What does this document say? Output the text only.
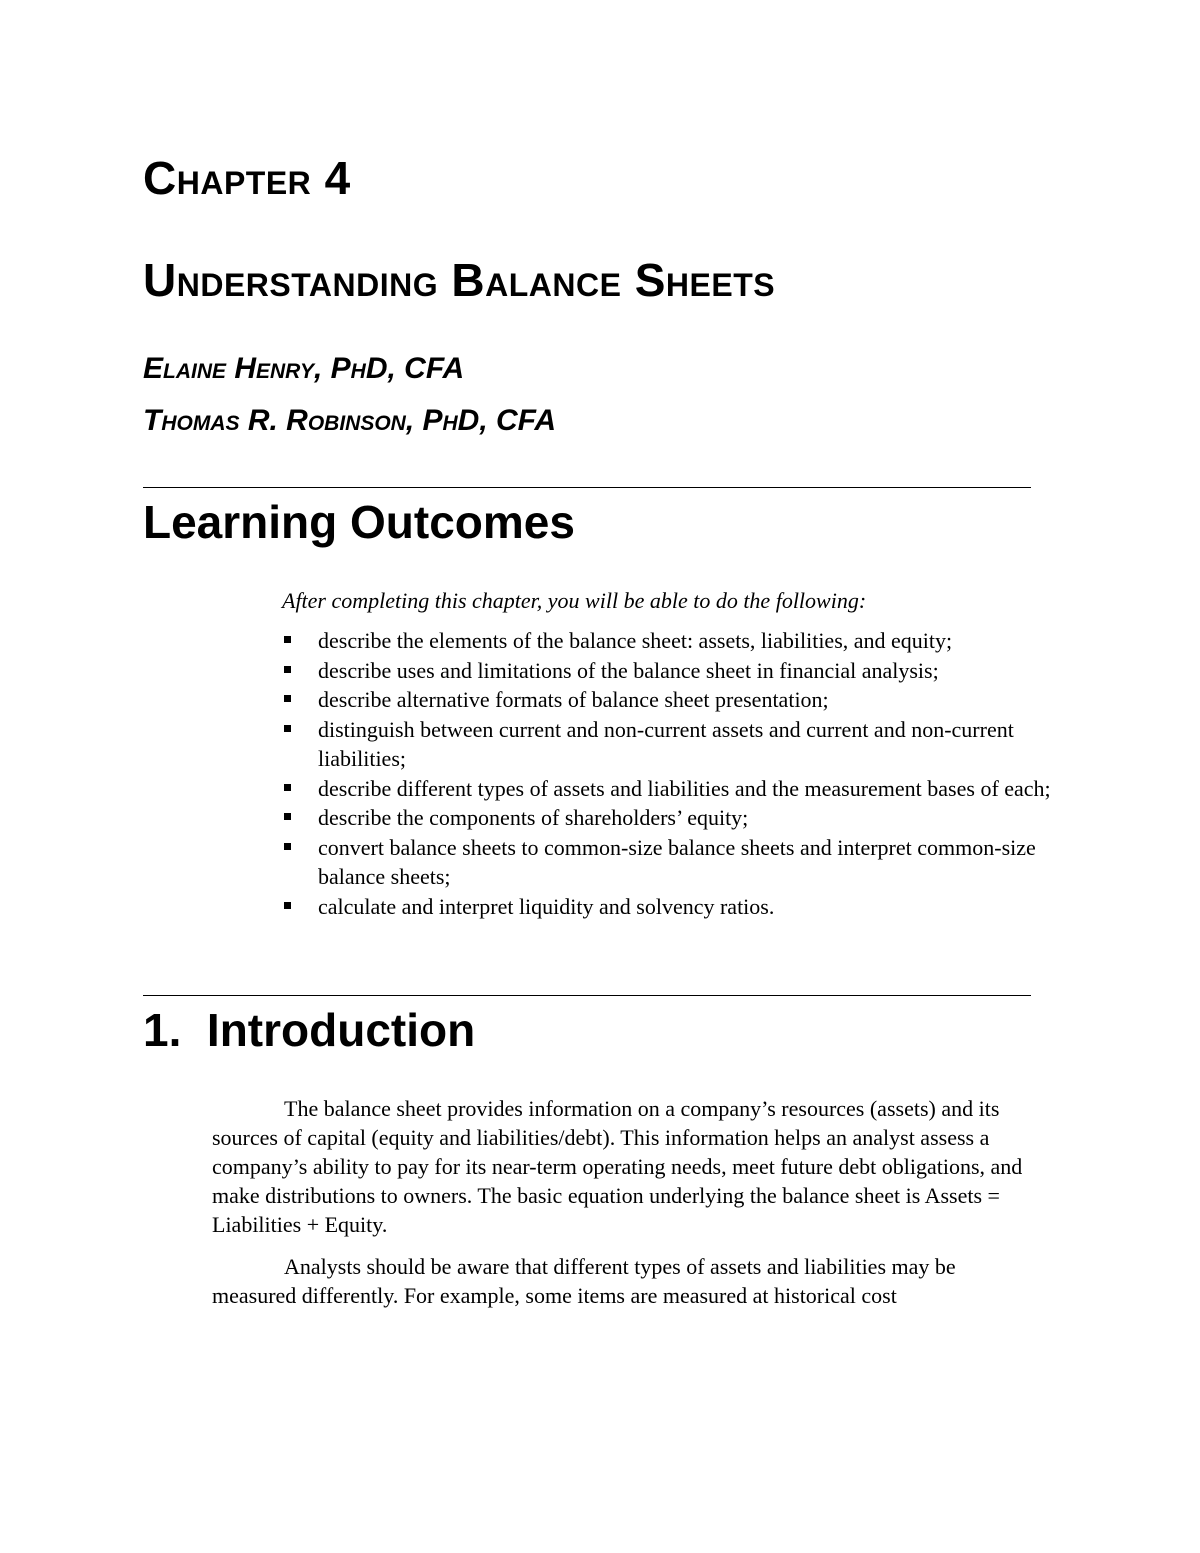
Chapter 4
Understanding Balance Sheets

Elaine Henry, PhD, CFA

Thomas R. Robinson, PhD, CFA

Learning Outcomes

After completing this chapter, you will be able to do the following:

describe the elements of the balance sheet: assets, liabilities, and equity;
describe uses and limitations of the balance sheet in financial analysis;
describe alternative formats of balance sheet presentation;
distinguish between current and non-current assets and current and non-current liabilities;
describe different types of assets and liabilities and the measurement bases of each;
describe the components of shareholders’ equity;
convert balance sheets to common-size balance sheets and interpret common-size balance sheets;
calculate and interpret liquidity and solvency ratios.
1.  Introduction

The balance sheet provides information on a company’s resources (assets) and its sources of capital (equity and liabilities/debt). This information helps an analyst assess a company’s ability to pay for its near-term operating needs, meet future debt obligations, and make distributions to owners. The basic equation underlying the balance sheet is Assets = Liabilities + Equity.

Analysts should be aware that different types of assets and liabilities may be measured differently. For example, some items are measured at historical cost
